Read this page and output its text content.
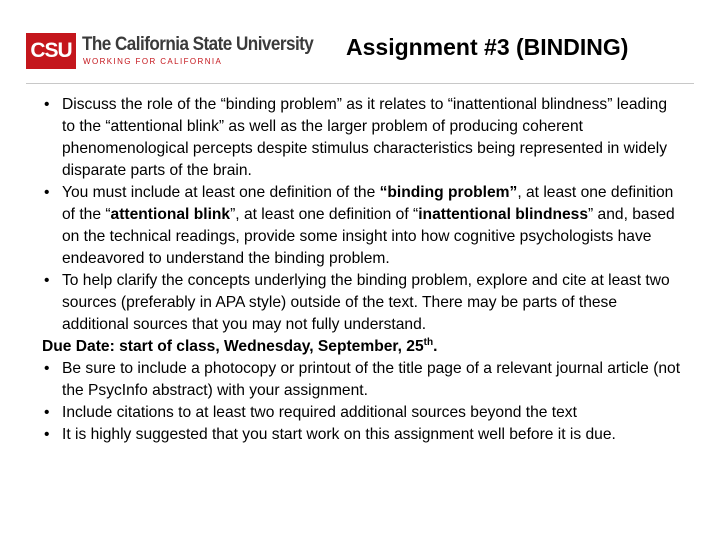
CSU The California State University
WORKING FOR CALIFORNIA
Assignment #3 (BINDING)
• Discuss the role of the “binding problem” as it relates to “inattentional blindness” leading to the “attentional blink” as well as the larger problem of producing coherent phenomenological percepts despite stimulus characteristics being represented in widely disparate parts of the brain.
• You must include at least one definition of the “binding problem”, at least one definition of the “attentional blink”, at least one definition of “inattentional blindness” and, based on the technical readings, provide some insight into how cognitive psychologists have endeavored to understand the binding problem.
• To help clarify the concepts underlying the binding problem, explore and cite at least two sources (preferably in APA style) outside of the text. There may be parts of these additional sources that you may not fully understand.
Due Date: start of class, Wednesday, September, 25th.
• Be sure to include a photocopy or printout of the title page of a relevant journal article (not the PsycInfo abstract) with your assignment.
• Include citations to at least two required additional sources beyond the text
• It is highly suggested that you start work on this assignment well before it is due.
